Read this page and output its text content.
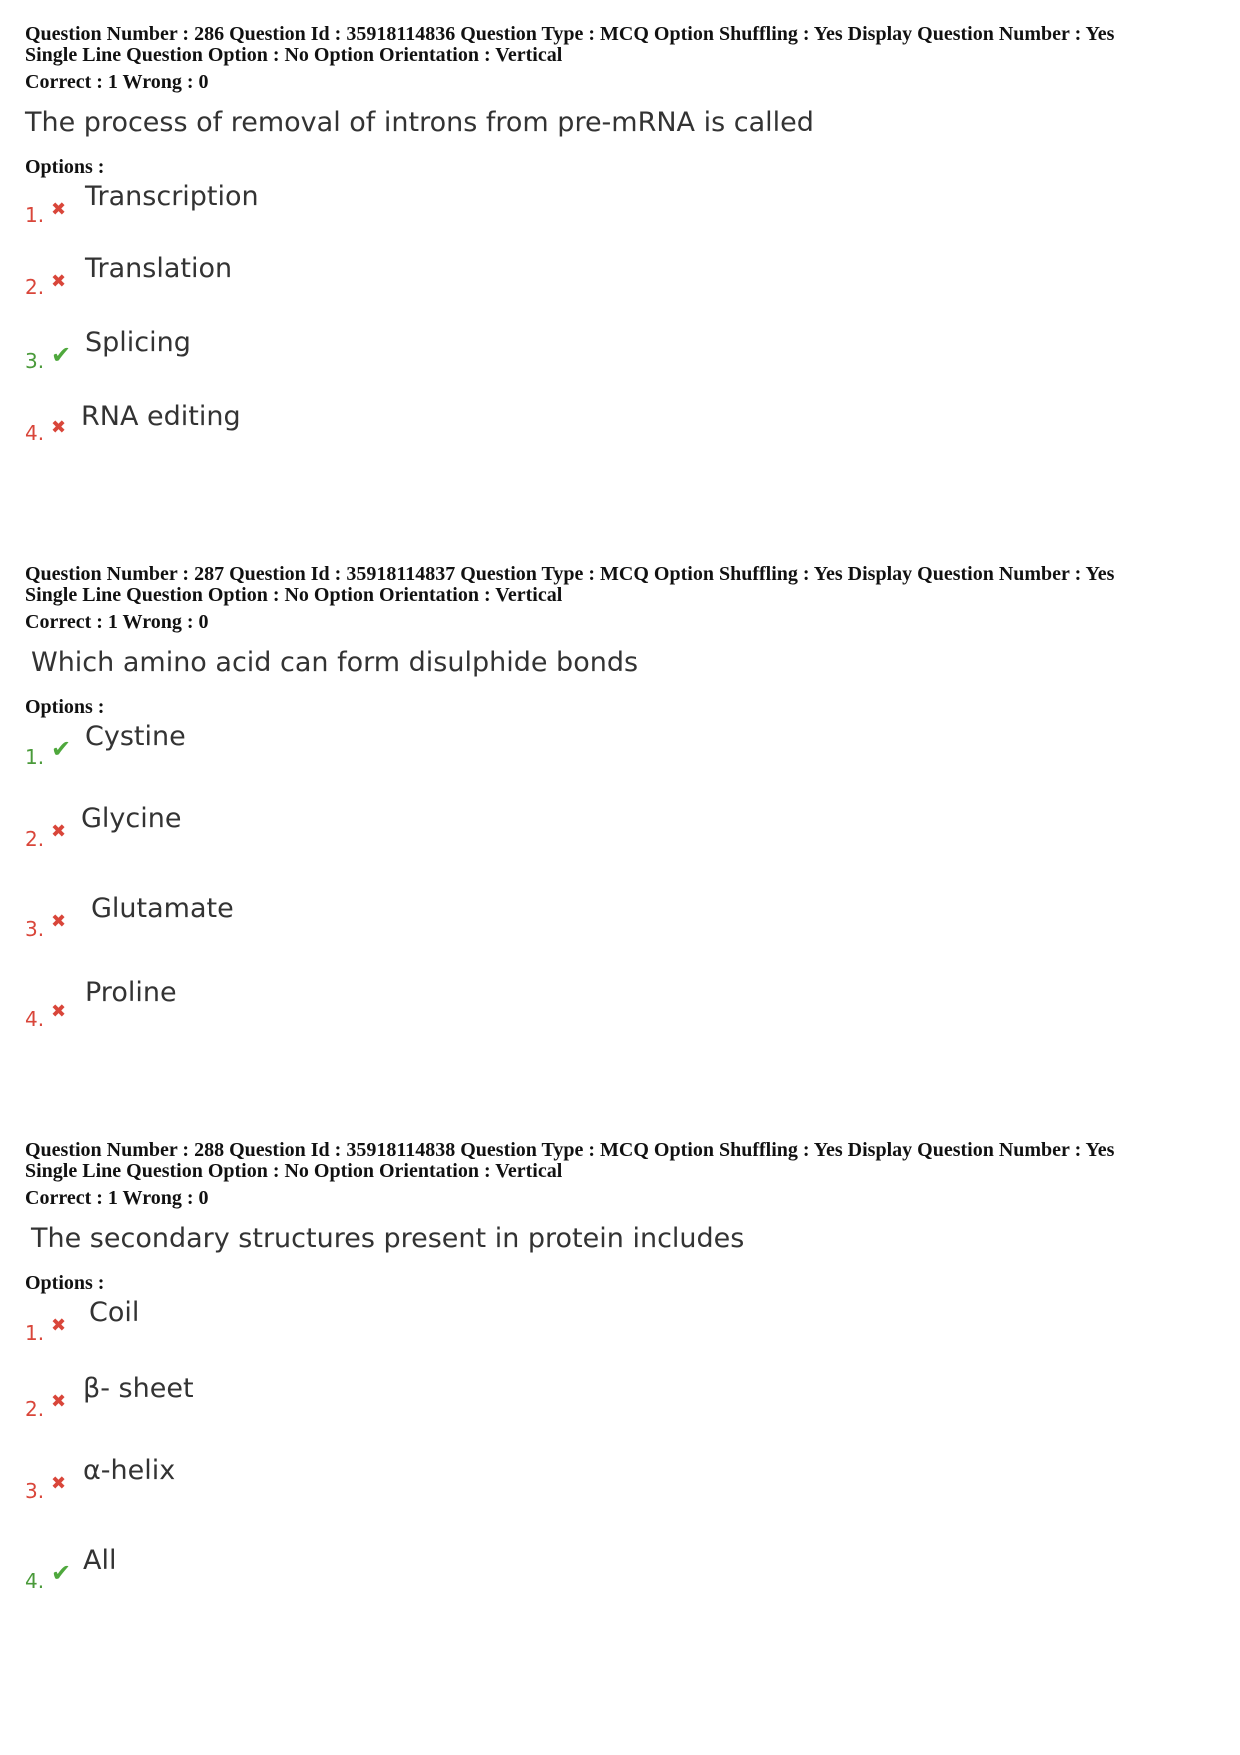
Question Number : 286 Question Id : 35918114836 Question Type : MCQ Option Shuffling : Yes Display Question Number : Yes
Single Line Question Option : No Option Orientation : Vertical
Correct : 1 Wrong : 0
The process of removal of introns from pre-mRNA is called
Options :
1. ✖ Transcription
2. ✖ Translation
3. ✔ Splicing
4. ✖ RNA editing
Question Number : 287 Question Id : 35918114837 Question Type : MCQ Option Shuffling : Yes Display Question Number : Yes
Single Line Question Option : No Option Orientation : Vertical
Correct : 1 Wrong : 0
Which amino acid can form disulphide bonds
Options :
1. ✔ Cystine
2. ✖ Glycine
3. ✖ Glutamate
4. ✖
Proline
Question Number : 288 Question Id : 35918114838 Question Type : MCQ Option Shuffling : Yes Display Question Number : Yes
Single Line Question Option : No Option Orientation : Vertical
Correct : 1 Wrong : 0
The secondary structures present in protein includes
Options :
1. ✖ Coil
2. ✖ β- sheet
3. ✖ α-helix
4. ✔ All
